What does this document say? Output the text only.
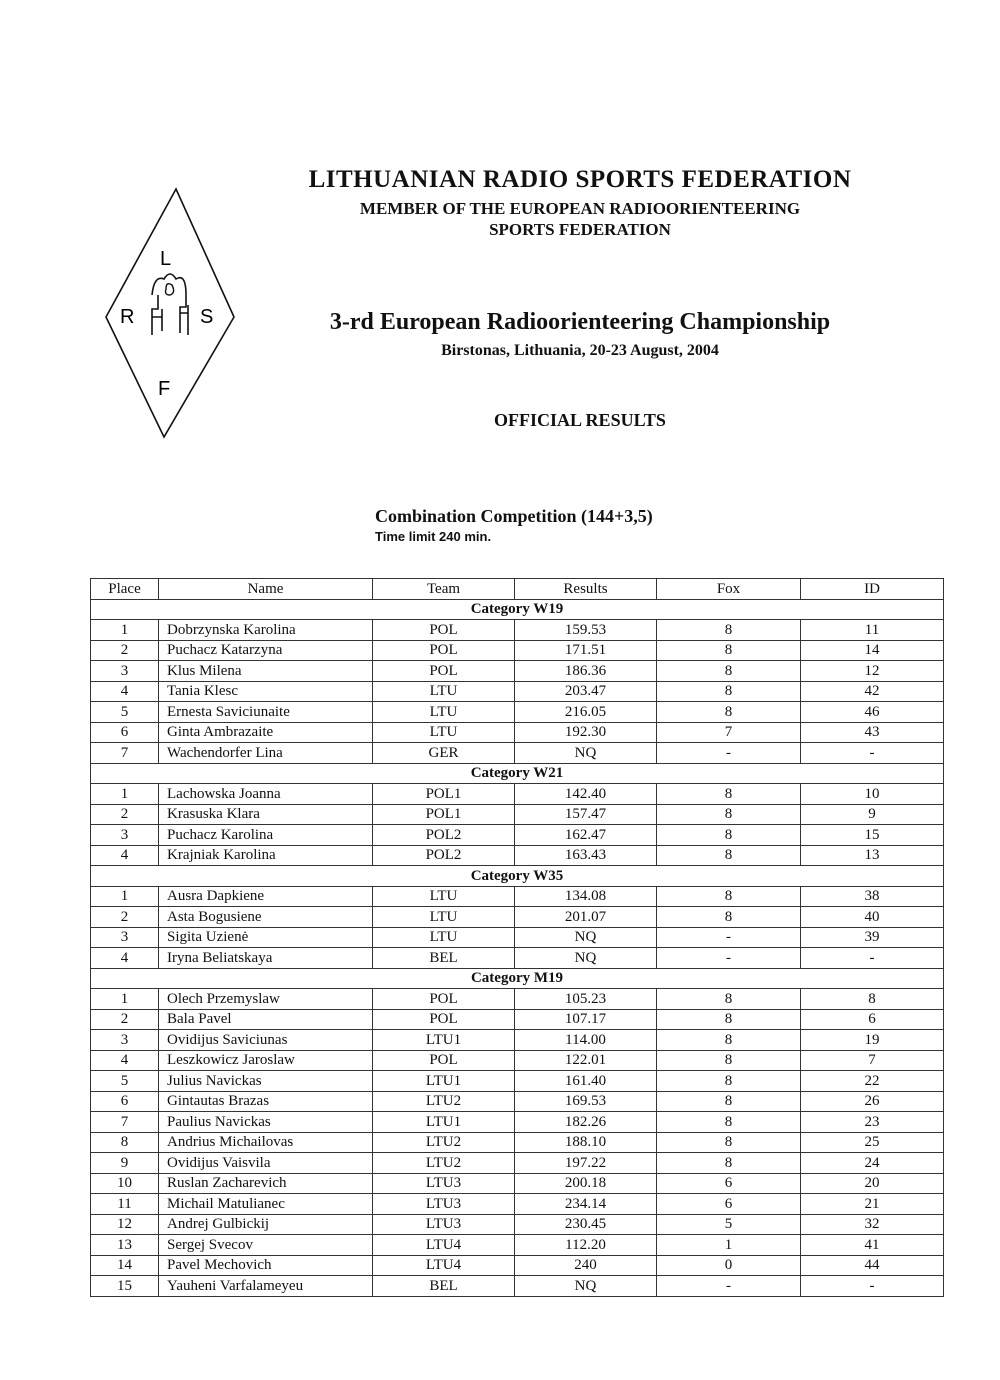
L
R	S
F
LITHUANIAN RADIO SPORTS FEDERATION
MEMBER OF THE EUROPEAN RADIOORIENTEERING
SPORTS FEDERATION
3-rd European Radioorienteering Championship
Birstonas, Lithuania, 20-23 August, 2004
OFFICIAL RESULTS
Combination Competition (144+3,5)
Time limit 240 min.
Place	Name	Team	Results	Fox	ID
Category W19					
1	Dobrzynska Karolina	POL	159.53	8	11
2	Puchacz Katarzyna	POL	171.51	8	14
3	Klus Milena	POL	186.36	8	12
4	Tania Klesc	LTU	203.47	8	42
5	Ernesta Saviciunaite	LTU	216.05	8	46
6	Ginta Ambrazaite	LTU	192.30	7	43
7	Wachendorfer Lina	GER	NQ	-	-
Category W21					
1	Lachowska Joanna	POL1	142.40	8	10
2	Krasuska Klara	POL1	157.47	8	9
3	Puchacz Karolina	POL2	162.47	8	15
4	Krajniak Karolina	POL2	163.43	8	13
Category W35					
1	Ausra Dapkiene	LTU	134.08	8	38
2	Asta Bogusiene	LTU	201.07	8	40
3	Sigita Uzienė	LTU	NQ	-	39
4	Iryna Beliatskaya	BEL	NQ	-	-
Category M19					
1	Olech Przemyslaw	POL	105.23	8	8
2	Bala Pavel	POL	107.17	8	6
3	Ovidijus Saviciunas	LTU1	114.00	8	19
4	Leszkowicz Jaroslaw	POL	122.01	8	7
5	Julius Navickas	LTU1	161.40	8	22
6	Gintautas Brazas	LTU2	169.53	8	26
7	Paulius Navickas	LTU1	182.26	8	23
8	Andrius Michailovas	LTU2	188.10	8	25
9	Ovidijus Vaisvila	LTU2	197.22	8	24
10	Ruslan Zacharevich	LTU3	200.18	6	20
11	Michail Matulianec	LTU3	234.14	6	21
12	Andrej Gulbickij	LTU3	230.45	5	32
13	Sergej Svecov	LTU4	112.20	1	41
14	Pavel Mechovich	LTU4	240	0	44
15	Yauheni Varfalameyeu	BEL	NQ	-	-
